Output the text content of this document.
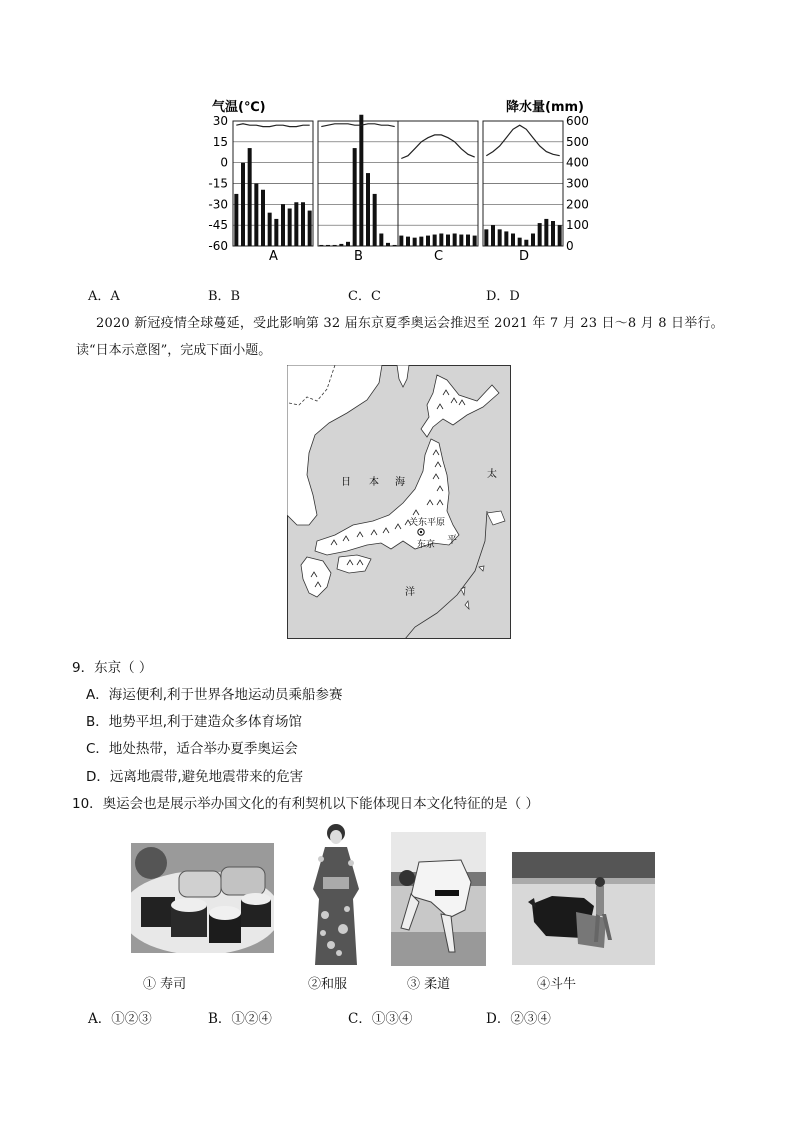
气温(℃)	降水量(mm)
30
15
0
-15
-30
-45
-60
600
500
400
300
200
100
0
A	B	C	D
A．A	B．B	C．C	D．D
2020 新冠疫情全球蔓延，受此影响第 32 届东京夏季奥运会推迟至 2021 年 7 月 23 日～8 月 8 日举行。
读“日本示意图”，完成下面小题。
日 本 海
太
平
洋
关东平原
东京
9．东京（ ）
A．海运便利,利于世界各地运动员乘船参赛
B．地势平坦,利于建造众多体育场馆
C．地处热带，适合举办夏季奥运会
D．远离地震带,避免地震带来的危害
10．奥运会也是展示举办国文化的有利契机以下能体现日本文化特征的是（ ）
① 寿司	②和服	③ 柔道	④斗牛
A．①②③	B．①②④	C．①③④	D．②③④
